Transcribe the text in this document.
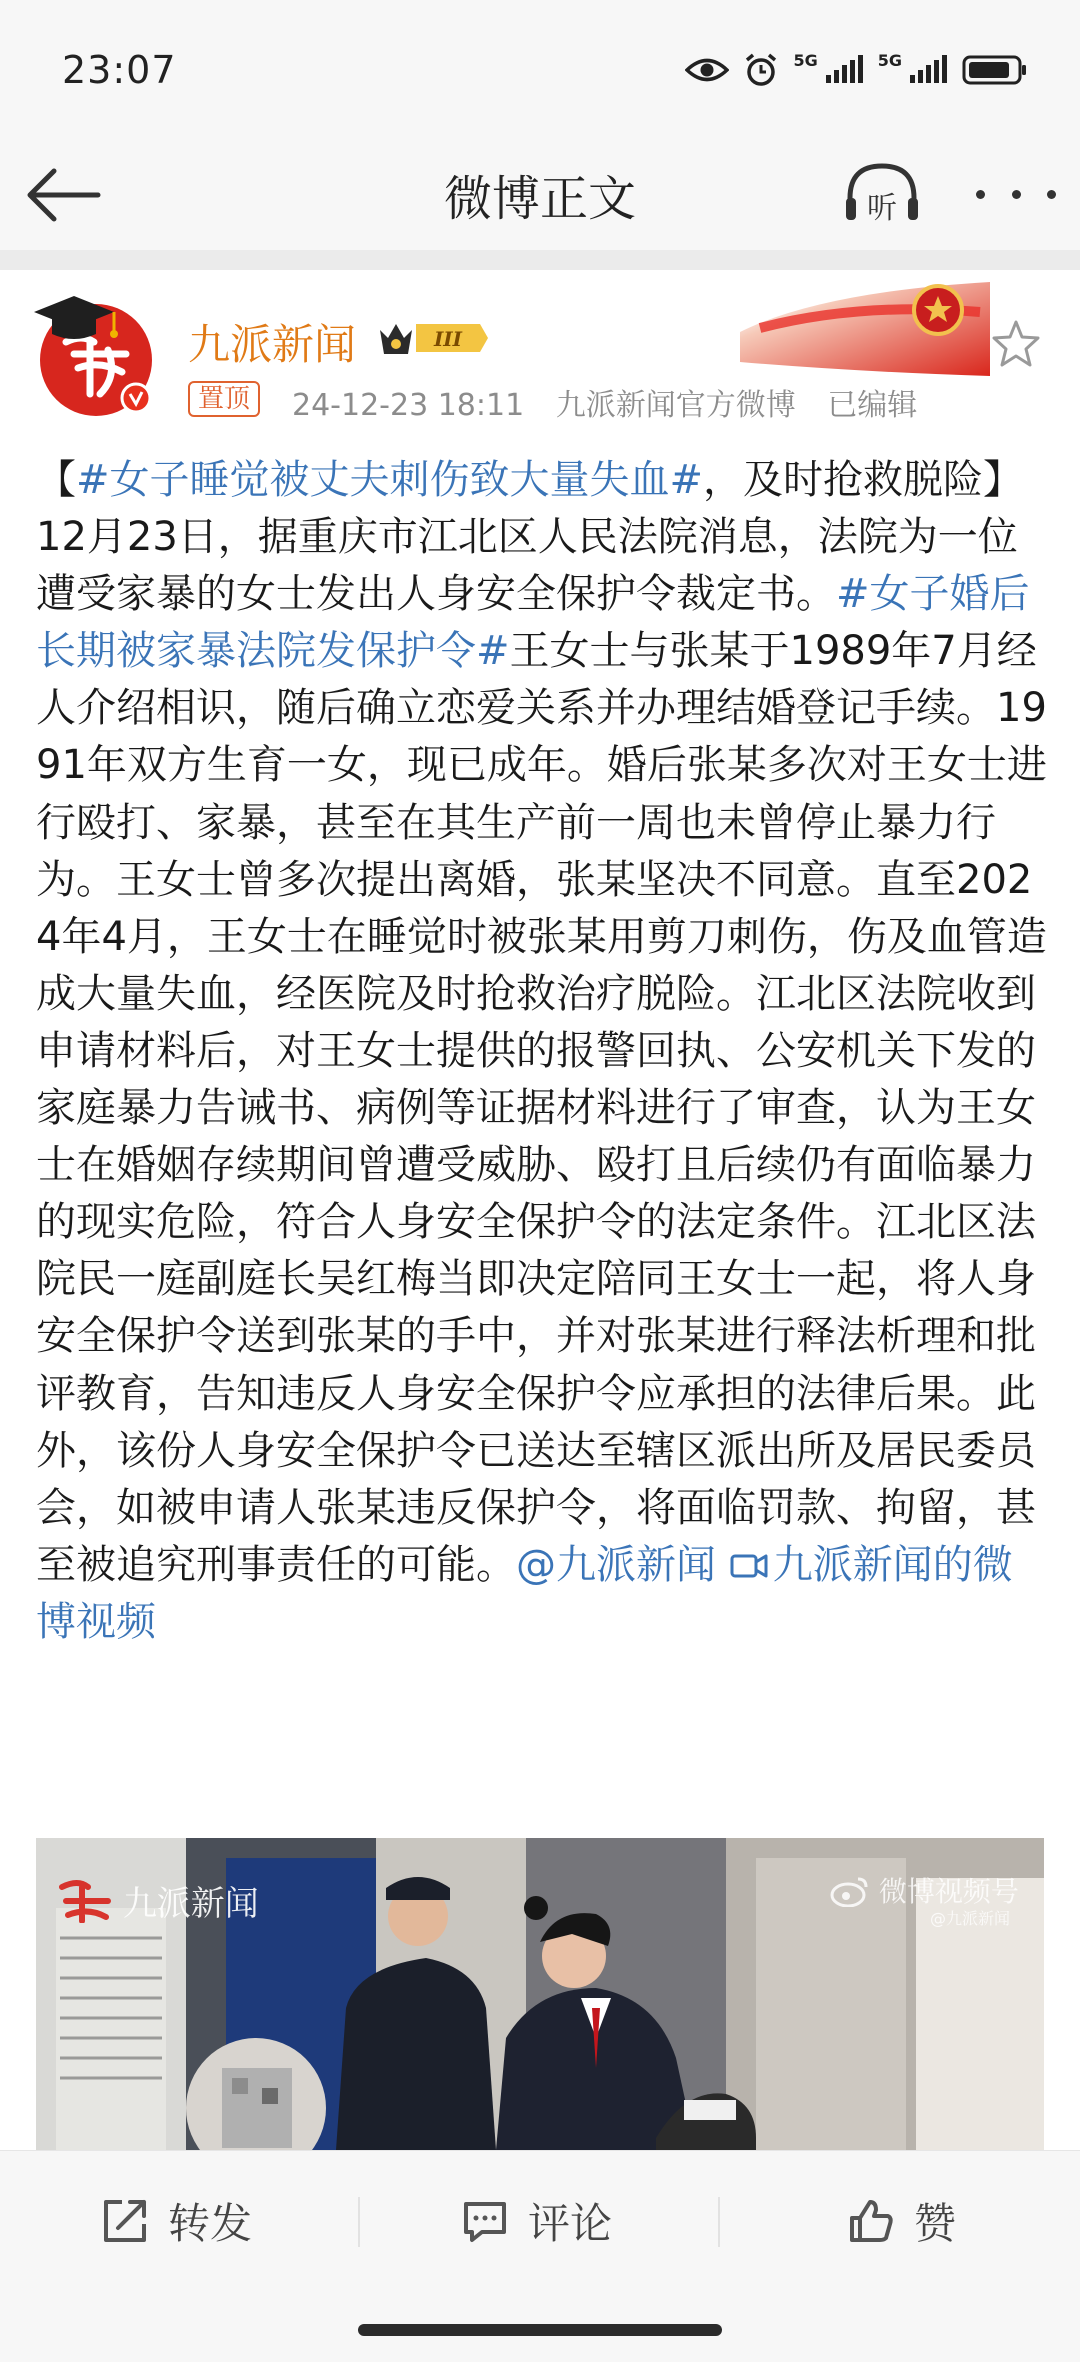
23:07	5G	5G
微博正文	听
九派新闻	III
置顶	24-12-23 18:11 九派新闻官方微博 已编辑
【#女子睡觉被丈夫刺伤致大量失血#，及时抢救脱险】12月23日，据重庆市江北区人民法院消息，法院为一位遭受家暴的女士发出人身安全保护令裁定书。#女子婚后长期被家暴法院发保护令#王女士与张某于1989年7月经人介绍相识，随后确立恋爱关系并办理结婚登记手续。1991年双方生育一女，现已成年。婚后张某多次对王女士进行殴打、家暴，甚至在其生产前一周也未曾停止暴力行为。王女士曾多次提出离婚，张某坚决不同意。直至2024年4月，王女士在睡觉时被张某用剪刀刺伤，伤及血管造成大量失血，经医院及时抢救治疗脱险。江北区法院收到申请材料后，对王女士提供的报警回执、公安机关下发的家庭暴力告诫书、病例等证据材料进行了审查，认为王女士在婚姻存续期间曾遭受威胁、殴打且后续仍有面临暴力的现实危险，符合人身安全保护令的法定条件。江北区法院民一庭副庭长吴红梅当即决定陪同王女士一起，将人身安全保护令送到张某的手中，并对张某进行释法析理和批评教育，告知违反人身安全保护令应承担的法律后果。此外，该份人身安全保护令已送达至辖区派出所及居民委员会，如被申请人张某违反保护令，将面临罚款、拘留，甚至被追究刑事责任的可能。@九派新闻 九派新闻的微博视频
九派新闻	微博视频号
@九派新闻
转发	评论	赞
